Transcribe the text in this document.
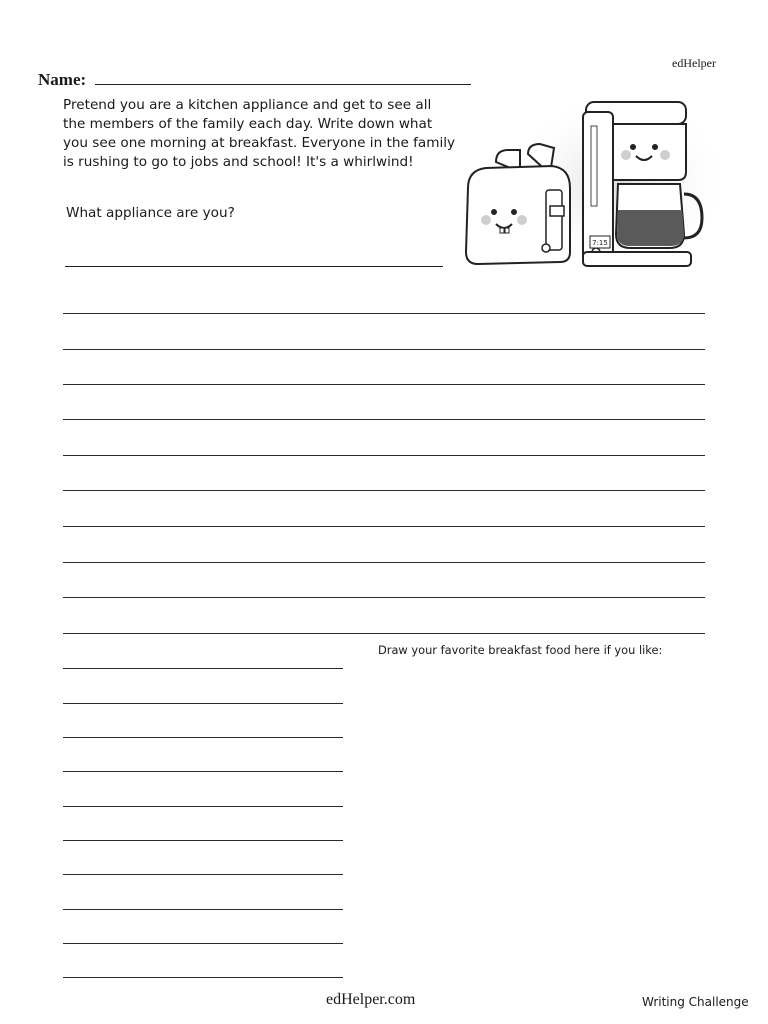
edHelper
Name:
Pretend you are a kitchen appliance and get to see all
the members of the family each day. Write down what
you see one morning at breakfast. Everyone in the family
is rushing to go to jobs and school! It's a whirlwind!
What appliance are you?
7:15
Draw your favorite breakfast food here if you like:
edHelper.com	Writing Challenge
